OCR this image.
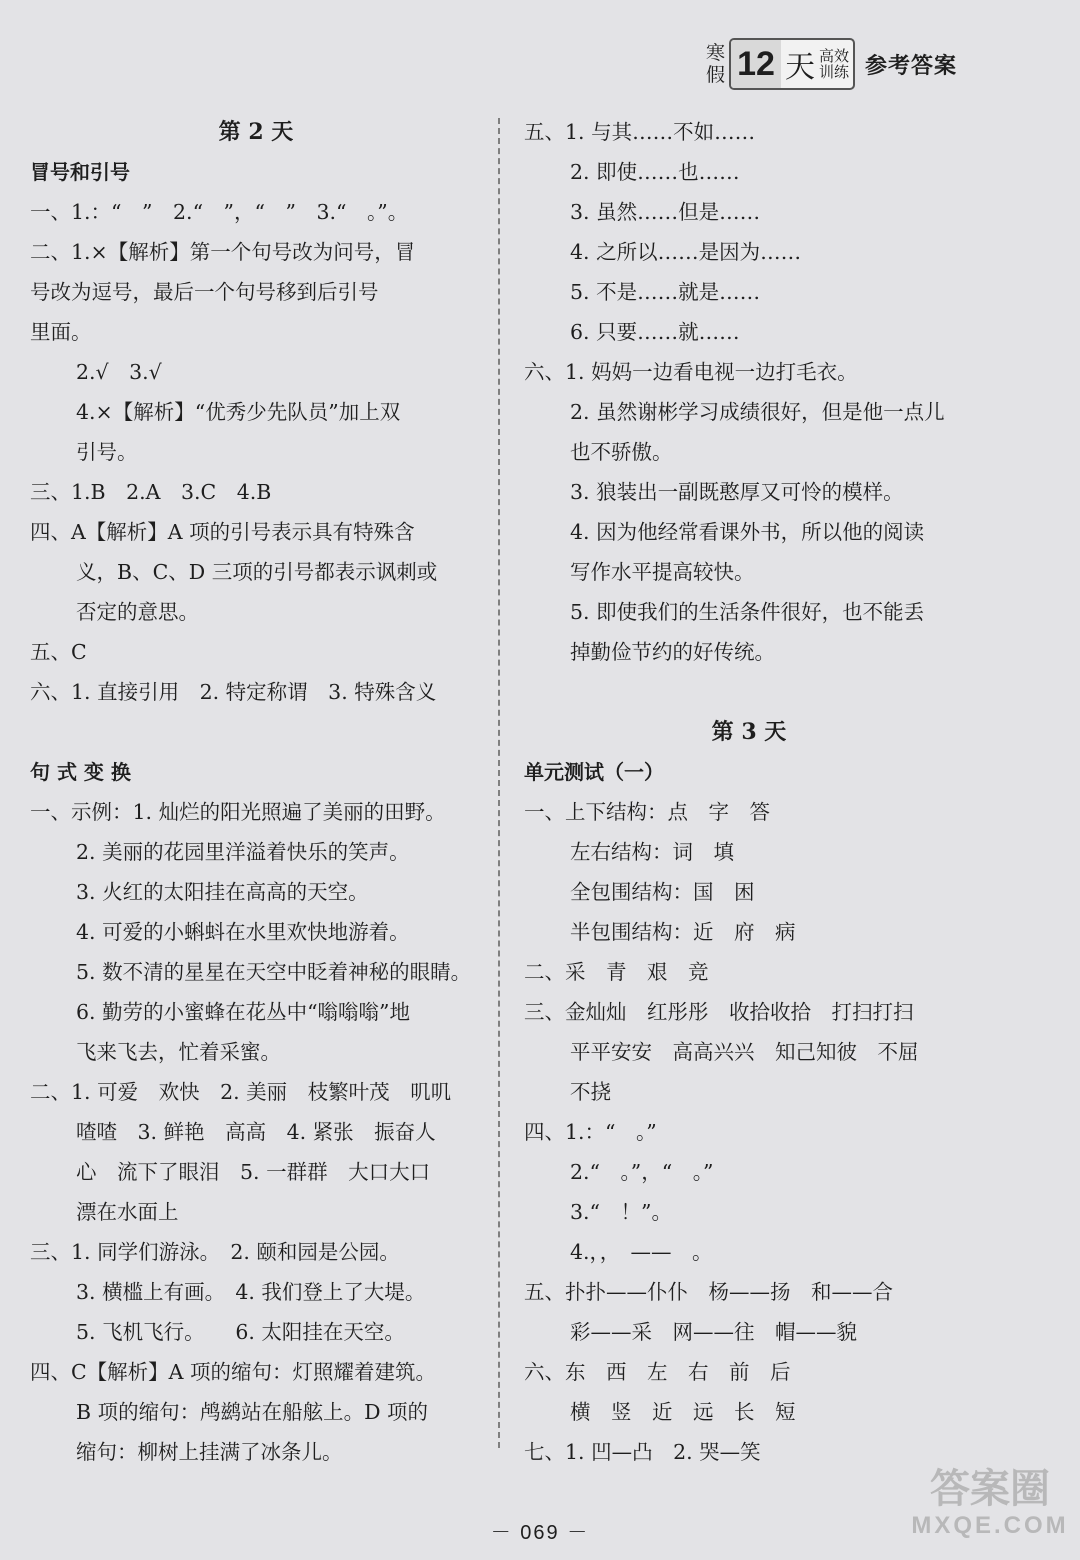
寒
假 12 天 高效
训练 参考答案
第 2 天
冒号和引号
一、1.：“　”　2.“　”，“　”　3.“　。”。
二、1.×【解析】第一个句号改为问号，冒
号改为逗号，最后一个句号移到后引号
里面。
2.√　3.√
4.×【解析】“优秀少先队员”加上双
引号。
三、1.B　2.A　3.C　4.B
四、A【解析】A 项的引号表示具有特殊含
义，B、C、D 三项的引号都表示讽刺或
否定的意思。
五、C
六、1. 直接引用　2. 特定称谓　3. 特殊含义
句 式 变 换
一、示例：1. 灿烂的阳光照遍了美丽的田野。
2. 美丽的花园里洋溢着快乐的笑声。
3. 火红的太阳挂在高高的天空。
4. 可爱的小蝌蚪在水里欢快地游着。
5. 数不清的星星在天空中眨着神秘的眼睛。
6. 勤劳的小蜜蜂在花丛中“嗡嗡嗡”地
飞来飞去，忙着采蜜。
二、1. 可爱　欢快　2. 美丽　枝繁叶茂　叽叽
喳喳　3. 鲜艳　高高　4. 紧张　振奋人
心　流下了眼泪　5. 一群群　大口大口
漂在水面上
三、1. 同学们游泳。　2. 颐和园是公园。
3. 横槛上有画。　4. 我们登上了大堤。
5. 飞机飞行。　　6. 太阳挂在天空。
四、C【解析】A 项的缩句：灯照耀着建筑。
B 项的缩句：鸬鹚站在船舷上。D 项的
缩句：柳树上挂满了冰条儿。
五、1. 与其……不如……
2. 即使……也……
3. 虽然……但是……
4. 之所以……是因为……
5. 不是……就是……
6. 只要……就……
六、1. 妈妈一边看电视一边打毛衣。
2. 虽然谢彬学习成绩很好，但是他一点儿
也不骄傲。
3. 狼装出一副既憨厚又可怜的模样。
4. 因为他经常看课外书，所以他的阅读
写作水平提高较快。
5. 即使我们的生活条件很好，也不能丢
掉勤俭节约的好传统。
第 3 天
单元测试（一）
一、上下结构：点　字　答
左右结构：词　填
全包围结构：国　困
半包围结构：近　府　病
二、采　青　艰　竞
三、金灿灿　红彤彤　收拾收拾　打扫打扫
平平安安　高高兴兴　知己知彼　不屈
不挠
四、1.：“　。”
2.“　。”，“　。”
3.“　！”。
4.，，　——　。
五、扑扑——仆仆　杨——扬　和——合
彩——采　网——往　帽——貌
六、东　西　左　右　前　后
横　竖　近　远　长　短
七、1. 凹—凸　2. 哭—笑
－ 069 －
答案圈
MXQE.COM
